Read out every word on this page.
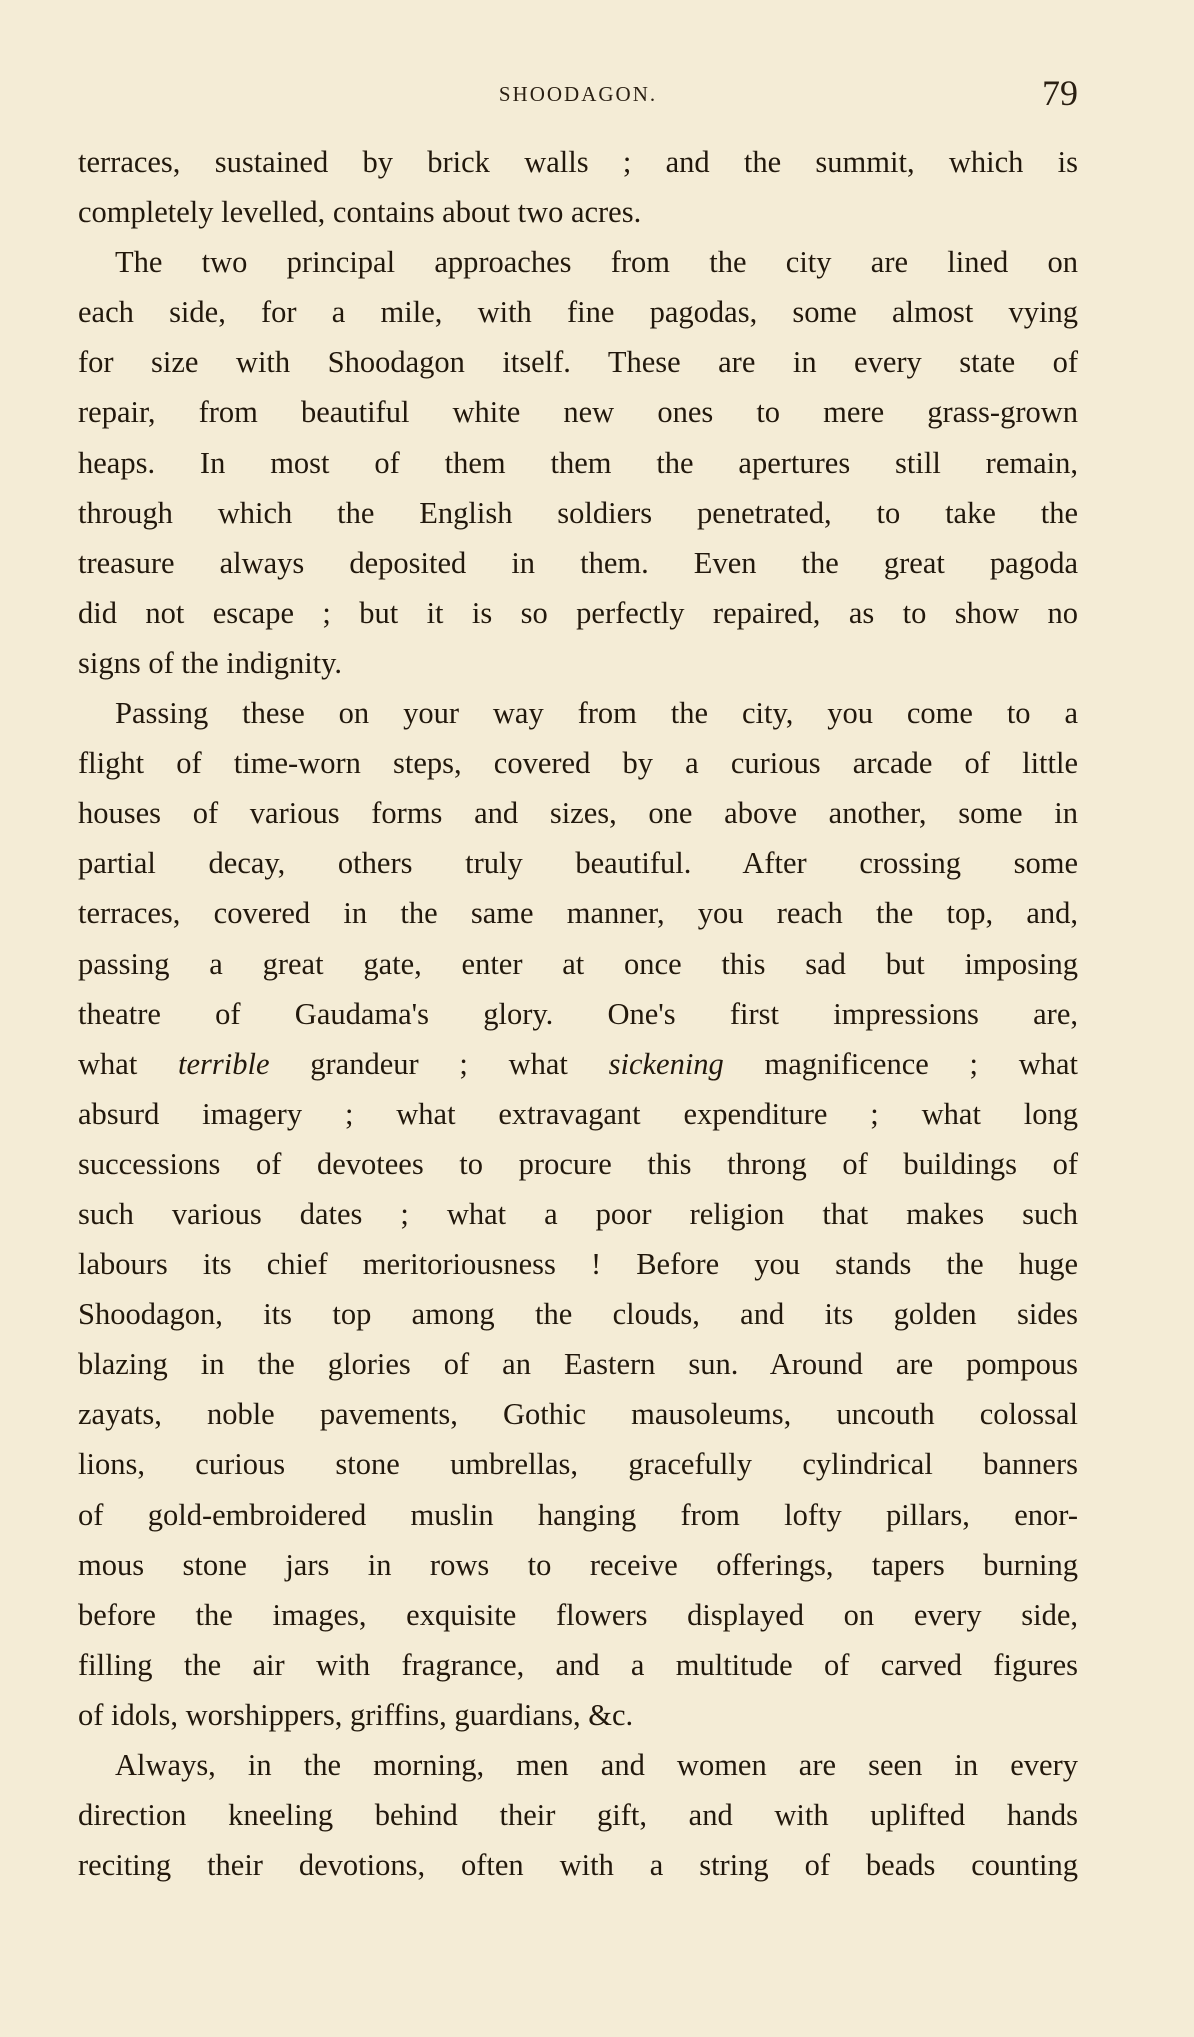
SHOODAGON.	79

terraces, sustained by brick walls ; and the summit, which is

completely levelled, contains about two acres.

The two principal approaches from the city are lined on

each side, for a mile, with fine pagodas, some almost vying

for size with Shoodagon itself. These are in every state of

repair, from beautiful white new ones to mere grass-grown

heaps. In most of them them the apertures still remain,

through which the English soldiers penetrated, to take the

treasure always deposited in them. Even the great pagoda

did not escape ; but it is so perfectly repaired, as to show no

signs of the indignity.

Passing these on your way from the city, you come to a

flight of time-worn steps, covered by a curious arcade of little

houses of various forms and sizes, one above another, some in

partial decay, others truly beautiful. After crossing some

terraces, covered in the same manner, you reach the top, and,

passing a great gate, enter at once this sad but imposing

theatre of Gaudama's glory. One's first impressions are,

what terrible grandeur ; what sickening magnificence ; what

absurd imagery ; what extravagant expenditure ; what long

successions of devotees to procure this throng of buildings of

such various dates ; what a poor religion that makes such

labours its chief meritoriousness ! Before you stands the huge

Shoodagon, its top among the clouds, and its golden sides

blazing in the glories of an Eastern sun. Around are pompous

zayats, noble pavements, Gothic mausoleums, uncouth colossal

lions, curious stone umbrellas, gracefully cylindrical banners

of gold-embroidered muslin hanging from lofty pillars, enor-

mous stone jars in rows to receive offerings, tapers burning

before the images, exquisite flowers displayed on every side,

filling the air with fragrance, and a multitude of carved figures

of idols, worshippers, griffins, guardians, &c.

Always, in the morning, men and women are seen in every

direction kneeling behind their gift, and with uplifted hands

reciting their devotions, often with a string of beads counting
